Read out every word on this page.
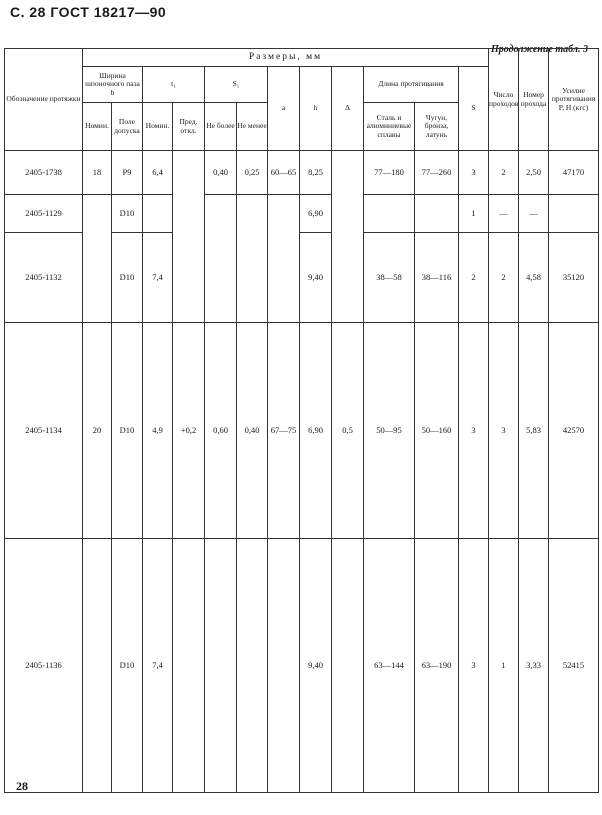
С. 28 ГОСТ 18217—90
Продолжение табл. 3
Обозначение протяжки	Размеры, мм												Число проходов	Номер прохода	Усилие протягивания P, Н (кгс)
	Ширина шпоночного паза b		t₁		S₁		a	h	Δ	Длина протягивания		S			
	Номин.	Поле допуска	Номин.	Пред. откл.	Не более	Не менее				Сталь и алюминиевые сплавы	Чугун, бронза, латунь				
2405-1738	18	P9	6,4		0,40	0,25	60—65	8,25		77—180	77—260	3	2	2,50	47170
2405-1129		D10						6,90				1	—	—	
2405-1132		D10	7,4					9,40		38—58	38—116	2	2	4,58	35120
2405-1134	20	D10	4,9	+0,2	0,60	0,40	67—75	6,90	0,5	50—95	50—160	3	3	5,83	42570
2405-1136		D10	7,4					9,40		63—144	63—190	3	1	3,33	52415
28
